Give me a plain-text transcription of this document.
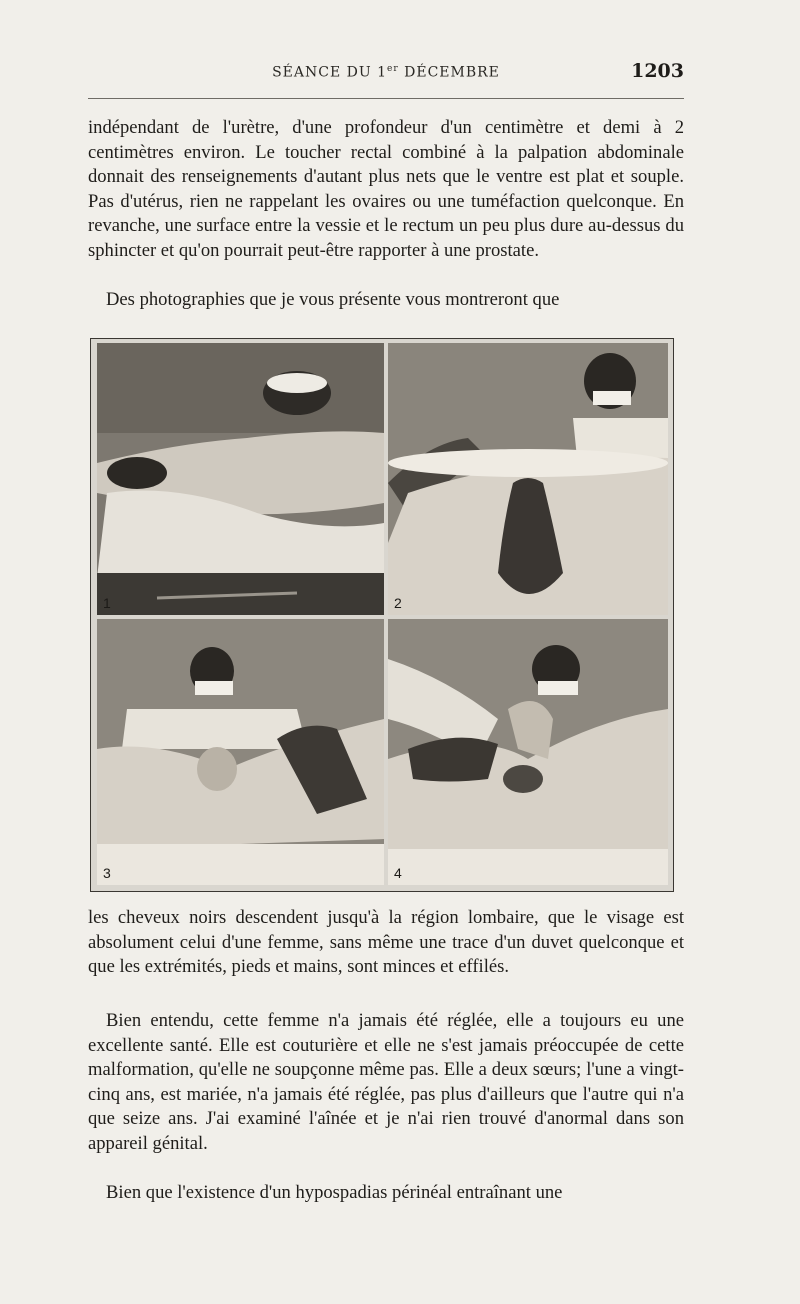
SÉANCE DU 1er DÉCEMBRE	1203

indépendant de l'urètre, d'une profondeur d'un centimètre et demi à 2 centimètres environ. Le toucher rectal combiné à la palpation abdominale donnait des renseignements d'autant plus nets que le ventre est plat et souple. Pas d'utérus, rien ne rappelant les ovaires ou une tuméfaction quelconque. En revanche, une surface entre la vessie et le rectum un peu plus dure au-dessus du sphincter et qu'on pourrait peut-être rapporter à une prostate.

Des photographies que je vous présente vous montreront que

1	2
3	4

les cheveux noirs descendent jusqu'à la région lombaire, que le visage est absolument celui d'une femme, sans même une trace d'un duvet quelconque et que les extrémités, pieds et mains, sont minces et effilés.

Bien entendu, cette femme n'a jamais été réglée, elle a toujours eu une excellente santé. Elle est couturière et elle ne s'est jamais préoccupée de cette malformation, qu'elle ne soupçonne même pas. Elle a deux sœurs; l'une a vingt-cinq ans, est mariée, n'a jamais été réglée, pas plus d'ailleurs que l'autre qui n'a que seize ans. J'ai examiné l'aînée et je n'ai rien trouvé d'anormal dans son appareil génital.

Bien que l'existence d'un hypospadias périnéal entraînant une
